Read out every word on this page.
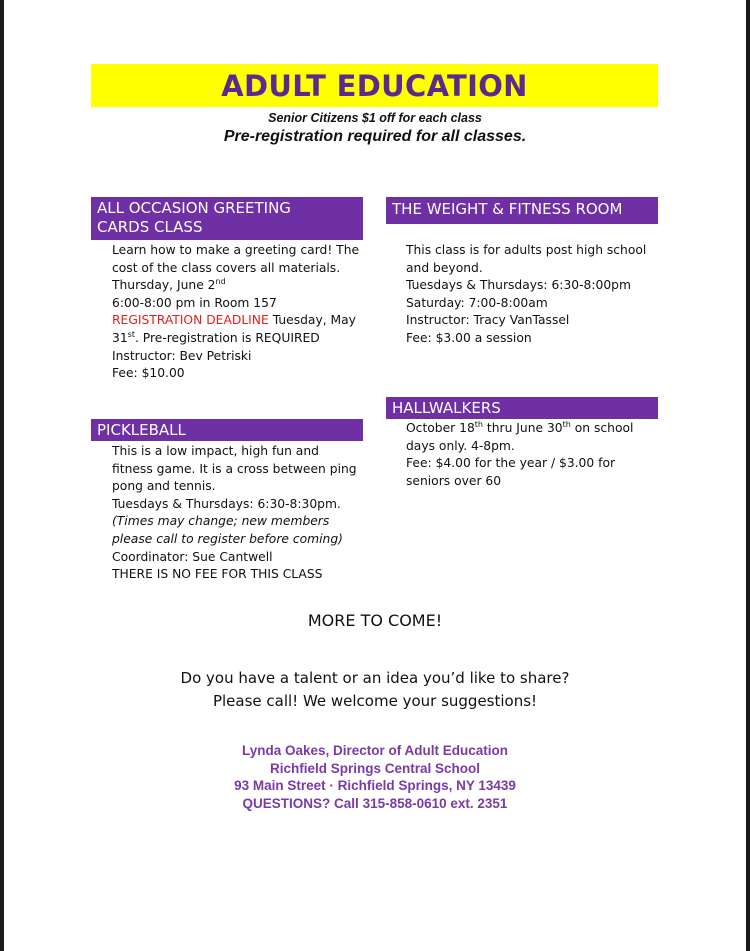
ADULT EDUCATION
Senior Citizens $1 off for each class
Pre-registration required for all classes.
ALL OCCASION GREETING
CARDS CLASS
Learn how to make a greeting card! The
cost of the class covers all materials.
Thursday, June 2nd
6:00-8:00 pm in Room 157
REGISTRATION DEADLINE Tuesday, May
31st. Pre-registration is REQUIRED
Instructor: Bev Petriski
Fee: $10.00
THE WEIGHT & FITNESS ROOM
This class is for adults post high school
and beyond.
Tuesdays & Thursdays: 6:30-8:00pm
Saturday: 7:00-8:00am
Instructor: Tracy VanTassel
Fee: $3.00 a session
HALLWALKERS
October 18th thru June 30th on school
days only. 4-8pm.
Fee: $4.00 for the year / $3.00 for
seniors over 60
PICKLEBALL
This is a low impact, high fun and
fitness game. It is a cross between ping
pong and tennis.
Tuesdays & Thursdays: 6:30-8:30pm.
(Times may change; new members
please call to register before coming)
Coordinator: Sue Cantwell
THERE IS NO FEE FOR THIS CLASS
MORE TO COME!
Do you have a talent or an idea you’d like to share?
Please call! We welcome your suggestions!
Lynda Oakes, Director of Adult Education
Richfield Springs Central School
93 Main Street · Richfield Springs, NY 13439
QUESTIONS? Call 315-858-0610 ext. 2351
